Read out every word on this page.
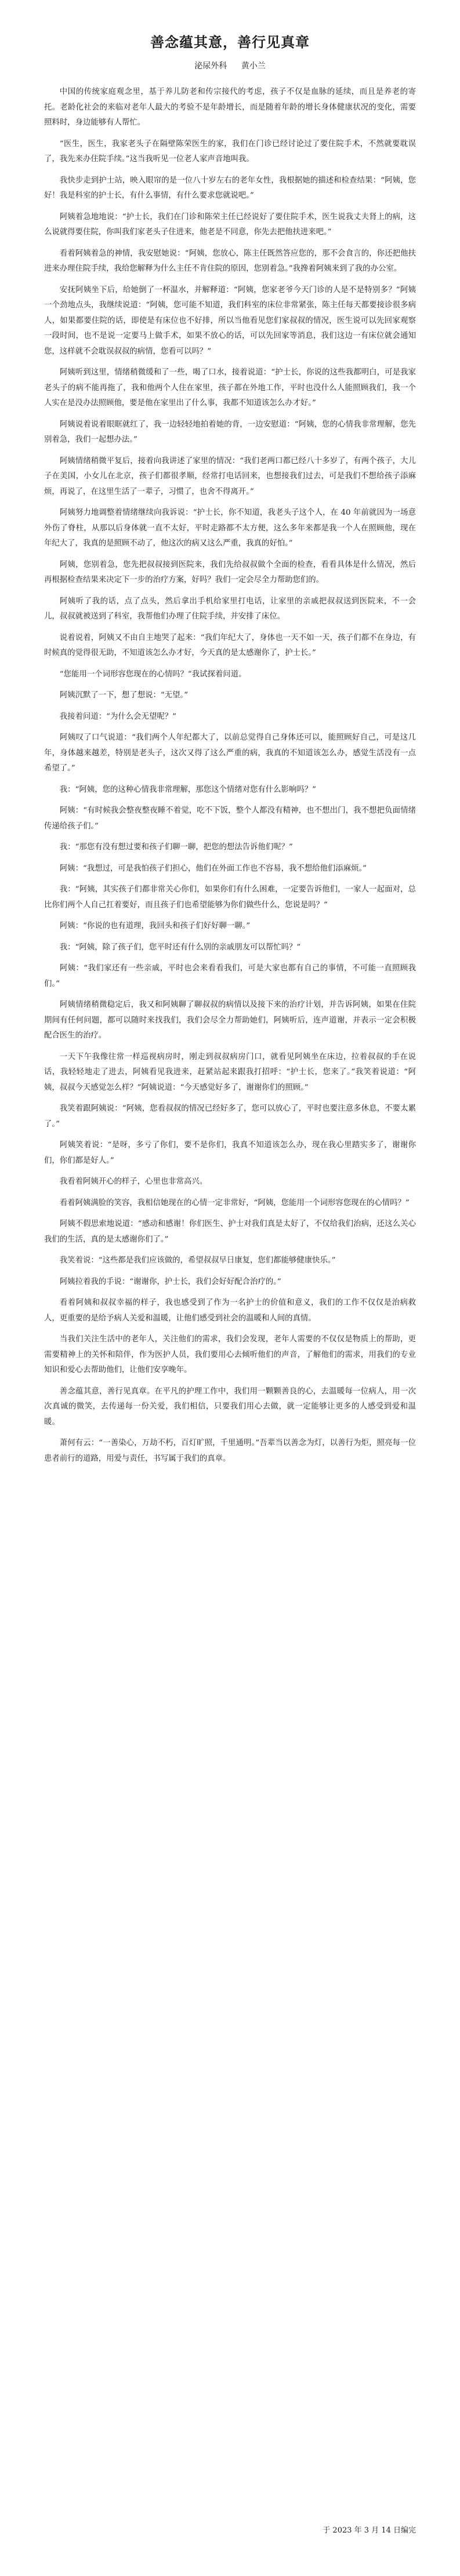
善念蕴其意，善行见真章
泌尿外科 黄小兰

中国的传统家庭观念里，基于养儿防老和传宗接代的考虑，孩子不仅是血脉的延续，而且是养老的寄托。老龄化社会的来临对老年人最大的考验不是年龄增长，而是随着年龄的增长身体健康状况的变化，需要照料时，身边能够有人帮忙。

“医生，医生，我家老头子在隔壁陈荣医生的家，我们在门诊已经讨论过了要住院手术，不然就要耽误了，我先来办住院手续。”这当我听见一位老人家声音地叫我。

我快步走到护士站，映入眼帘的是一位八十岁左右的老年女性，我根据她的描述和检查结果：“阿姨，您好！我是科室的护士长，有什么事情，有什么要求您就说吧。”

阿姨着急地地说：“护士长，我们在门诊和陈荣主任已经说好了要住院手术，医生说我丈夫肾上的病，这么说就得要住院，你叫我们家老头子住进来，他老是不同意，你先去把他扶进来吧。”

看着阿姨着急的神情，我安慰她说：“阿姨，您放心，陈主任既然答应您的，那不会食言的，你还把他扶进来办理住院手续，我给您解释为什么主任不肯住院的原因，您别着急。”我搀着阿姨来到了我的办公室。

安抚阿姨坐下后，给她倒了一杯温水，并解释道：“阿姨，您家老爷今天门诊的人是不是特别多？”阿姨一个劲地点头，我继续说道：“阿姨，您可能不知道，我们科室的床位非常紧张，陈主任每天都要接诊很多病人，如果都要住院的话，即使是有床位也不好排，所以当他看见您们家叔叔的情况，医生说可以先回家观察一段时间，也不是说一定要马上做手术，如果不放心的话，可以先回家等消息，我们这边一有床位就会通知您，这样就不会耽误叔叔的病情，您看可以吗？”

阿姨听到这里，情绪稍微缓和了一些，喝了口水，接着说道：“护士长，你说的这些我都明白，可是我家老头子的病不能再拖了，我和他两个人住在家里，孩子都在外地工作，平时也没什么人能照顾我们，我一个人实在是没办法照顾他，要是他在家里出了什么事，我都不知道该怎么办才好。”

阿姨说着说着眼眶就红了，我一边轻轻地拍着她的背，一边安慰道：“阿姨，您的心情我非常理解，您先别着急，我们一起想办法。”

阿姨情绪稍微平复后，接着向我讲述了家里的情况：“我们老两口都已经八十多岁了，有两个孩子，大儿子在美国，小女儿在北京，孩子们都很孝顺，经常打电话回来，也想接我们过去，可是我们不想给孩子添麻烦，再说了，在这里生活了一辈子，习惯了，也舍不得离开。”

阿姨努力地调整着情绪继续向我诉说：“护士长，你不知道，我老头子这个人，在 40 年前就因为一场意外伤了脊柱，从那以后身体就一直不太好，平时走路都不太方便，这么多年来都是我一个人在照顾他，现在年纪大了，我真的是照顾不动了，他这次的病又这么严重，我真的好怕。”

阿姨，您别着急，您先把叔叔接到医院来，我们先给叔叔做个全面的检查，看看具体是什么情况，然后再根据检查结果来决定下一步的治疗方案，好吗？我们一定会尽全力帮助您们的。

阿姨听了我的话，点了点头，然后拿出手机给家里打电话，让家里的亲戚把叔叔送到医院来，不一会儿，叔叔就被送到了科室，我帮他们办理了住院手续，并安排了床位。

说着说着，阿姨又不由自主地哭了起来：“我们年纪大了，身体也一天不如一天，孩子们都不在身边，有时候真的觉得很无助，不知道该怎么办才好，今天真的是太感谢你了，护士长。”

“您能用一个词形容您现在的心情吗？”我试探着问道。

阿姨沉默了一下，想了想说：“无望。”

我接着问道：“为什么会无望呢？”

阿姨叹了口气说道：“我们两个人年纪都大了，以前总觉得自己身体还可以，能照顾好自己，可是这几年，身体越来越差，特别是老头子，这次又得了这么严重的病，我真的不知道该怎么办，感觉生活没有一点希望了。”

我：“阿姨，您的这种心情我非常理解，那您这个情绪对您有什么影响吗？”

阿姨：“有时候我会整夜整夜睡不着觉，吃不下饭，整个人都没有精神，也不想出门，我不想把负面情绪传递给孩子们。”

我：“那您有没有想过要和孩子们聊一聊，把您的想法告诉他们呢？”

阿姨：“我想过，可是我怕孩子们担心，他们在外面工作也不容易，我不想给他们添麻烦。”

我：“阿姨，其实孩子们都非常关心你们，如果你们有什么困难，一定要告诉他们，一家人一起面对，总比你们两个人自己扛着要好，而且孩子们也希望能够为你们做些什么，您说是吗？”

阿姨：“你说的也有道理，我回头和孩子们好好聊一聊。”

我：“阿姨，除了孩子们，您平时还有什么别的亲戚朋友可以帮忙吗？”

阿姨：“我们家还有一些亲戚，平时也会来看看我们，可是大家也都有自己的事情，不可能一直照顾我们。”

阿姨情绪稍微稳定后，我又和阿姨聊了聊叔叔的病情以及接下来的治疗计划，并告诉阿姨，如果在住院期间有任何问题，都可以随时来找我们，我们会尽全力帮助她们，阿姨听后，连声道谢，并表示一定会积极配合医生的治疗。

一天下午我像往常一样巡视病房时，刚走到叔叔病房门口，就看见阿姨坐在床边，拉着叔叔的手在说话，我轻轻地走了进去，阿姨看见我进来，赶紧站起来跟我打招呼：“护士长，您来了。”我笑着说道：“阿姨，叔叔今天感觉怎么样？”阿姨说道：“今天感觉好多了，谢谢你们的照顾。”

我笑着跟阿姨说：“阿姨，您看叔叔的情况已经好多了，您可以放心了，平时也要注意多休息，不要太累了。”

阿姨笑着说：“是呀，多亏了你们，要不是你们，我真不知道该怎么办，现在我心里踏实多了，谢谢你们，你们都是好人。”

我看着阿姨开心的样子，心里也非常高兴。

看着阿姨满脸的笑容，我相信她现在的心情一定非常好，“阿姨，您能用一个词形容您现在的心情吗？”

阿姨不假思索地说道：“感动和感谢！你们医生、护士对我们真是太好了，不仅给我们治病，还这么关心我们的生活，真的是太感谢你们了。”

我笑着说：“这些都是我们应该做的，希望叔叔早日康复，您们都能够健康快乐。”

阿姨拉着我的手说：“谢谢你，护士长，我们会好好配合治疗的。”

看着阿姨和叔叔幸福的样子，我也感受到了作为一名护士的价值和意义，我们的工作不仅仅是治病救人，更重要的是给予病人关爱和温暖，让他们感受到社会的温暖和人间的真情。

当我们关注生活中的老年人，关注他们的需求，我们会发现，老年人需要的不仅仅是物质上的帮助，更需要精神上的关怀和陪伴，作为医护人员，我们要用心去倾听他们的声音，了解他们的需求，用我们的专业知识和爱心去帮助他们，让他们安享晚年。

善念蕴其意，善行见真章。在平凡的护理工作中，我们用一颗颗善良的心，去温暖每一位病人，用一次次真诚的微笑，去传递每一份关爱，我们相信，只要我们用心去做，就一定能够让更多的人感受到爱和温暖。

萧何有云：“一善染心，万劫不朽，百灯旷照，千里通明。”吾辈当以善念为灯，以善行为炬，照亮每一位患者前行的道路，用爱与责任，书写属于我们的真章。

于 2023 年 3 月 14 日编完
